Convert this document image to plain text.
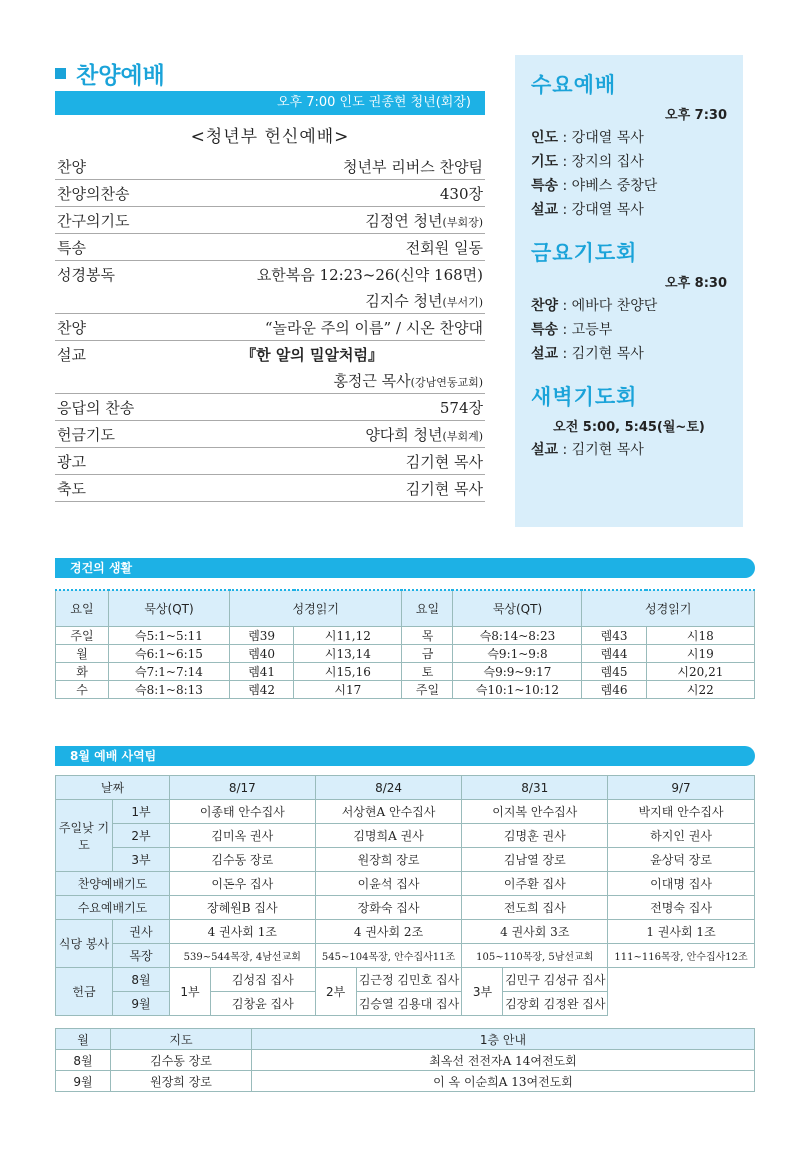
찬양예배
오후 7:00 인도 권종현 청년(회장)
<청년부 헌신예배>
찬양	청년부 리버스 찬양팀
찬양의찬송	430장
간구의기도	김정연 청년(부회장)
특송	전회원 일동
성경봉독	요한복음 12:23~26(신약 168면)
김지수 청년(부서기)
찬양	“놀라운 주의 이름” / 시온 찬양대
설교	『한 알의 밀알처럼』
홍정근 목사(강남연동교회)
응답의 찬송	574장
헌금기도	양다희 청년(부회계)
광고	김기현 목사
축도	김기현 목사
수요예배
오후 7:30
인도 : 강대열 목사
기도 : 장지의 집사
특송 : 야베스 중창단
설교 : 강대열 목사
금요기도회
오후 8:30
찬양 : 에바다 찬양단
특송 : 고등부
설교 : 김기현 목사
새벽기도회
오전 5:00, 5:45(월~토)
설교 : 김기현 목사
경건의 생활
요일	묵상(QT)	성경읽기		요일	묵상(QT)	성경읽기	
주일	슥5:1~5:11	렘39	시11,12	목	슥8:14~8:23	렘43	시18
월	슥6:1~6:15	렘40	시13,14	금	슥9:1~9:8	렘44	시19
화	슥7:1~7:14	렘41	시15,16	토	슥9:9~9:17	렘45	시20,21
수	슥8:1~8:13	렘42	시17	주일	슥10:1~10:12	렘46	시22
8월 예배 사역팀
날짜		8/17		8/24		8/31		9/7
주일낮 기도	1부	이종태 안수집사		서상현A 안수집사		이지복 안수집사		박지태 안수집사
	2부	김미옥 권사		김명희A 권사		김명훈 권사		하지인 권사
	3부	김수동 장로		원장희 장로		김남열 장로		윤상덕 장로
찬양예배기도		이돈우 집사		이윤석 집사		이주환 집사		이대명 집사
수요예배기도		장혜원B 집사		장화숙 집사		전도희 집사		전명숙 집사
식당 봉사	권사	4 권사회 1조		4 권사회 2조		4 권사회 3조		1 권사회 1조
	목장	539~544목장, 4남선교회		545~104목장, 안수집사11조		105~110목장, 5남선교회		111~116목장, 안수집사12조
헌금	8월	1부	김성집 집사	2부	김근정 김민호 집사	3부	김민구 김성규 집사	
	9월		김창윤 집사		김승열 김용대 집사		김장회 김정완 집사	
월	지도	1층 안내
8월	김수동 장로	최옥선 전전자A 14여전도회
9월	원장희 장로	이 옥 이순희A 13여전도회
